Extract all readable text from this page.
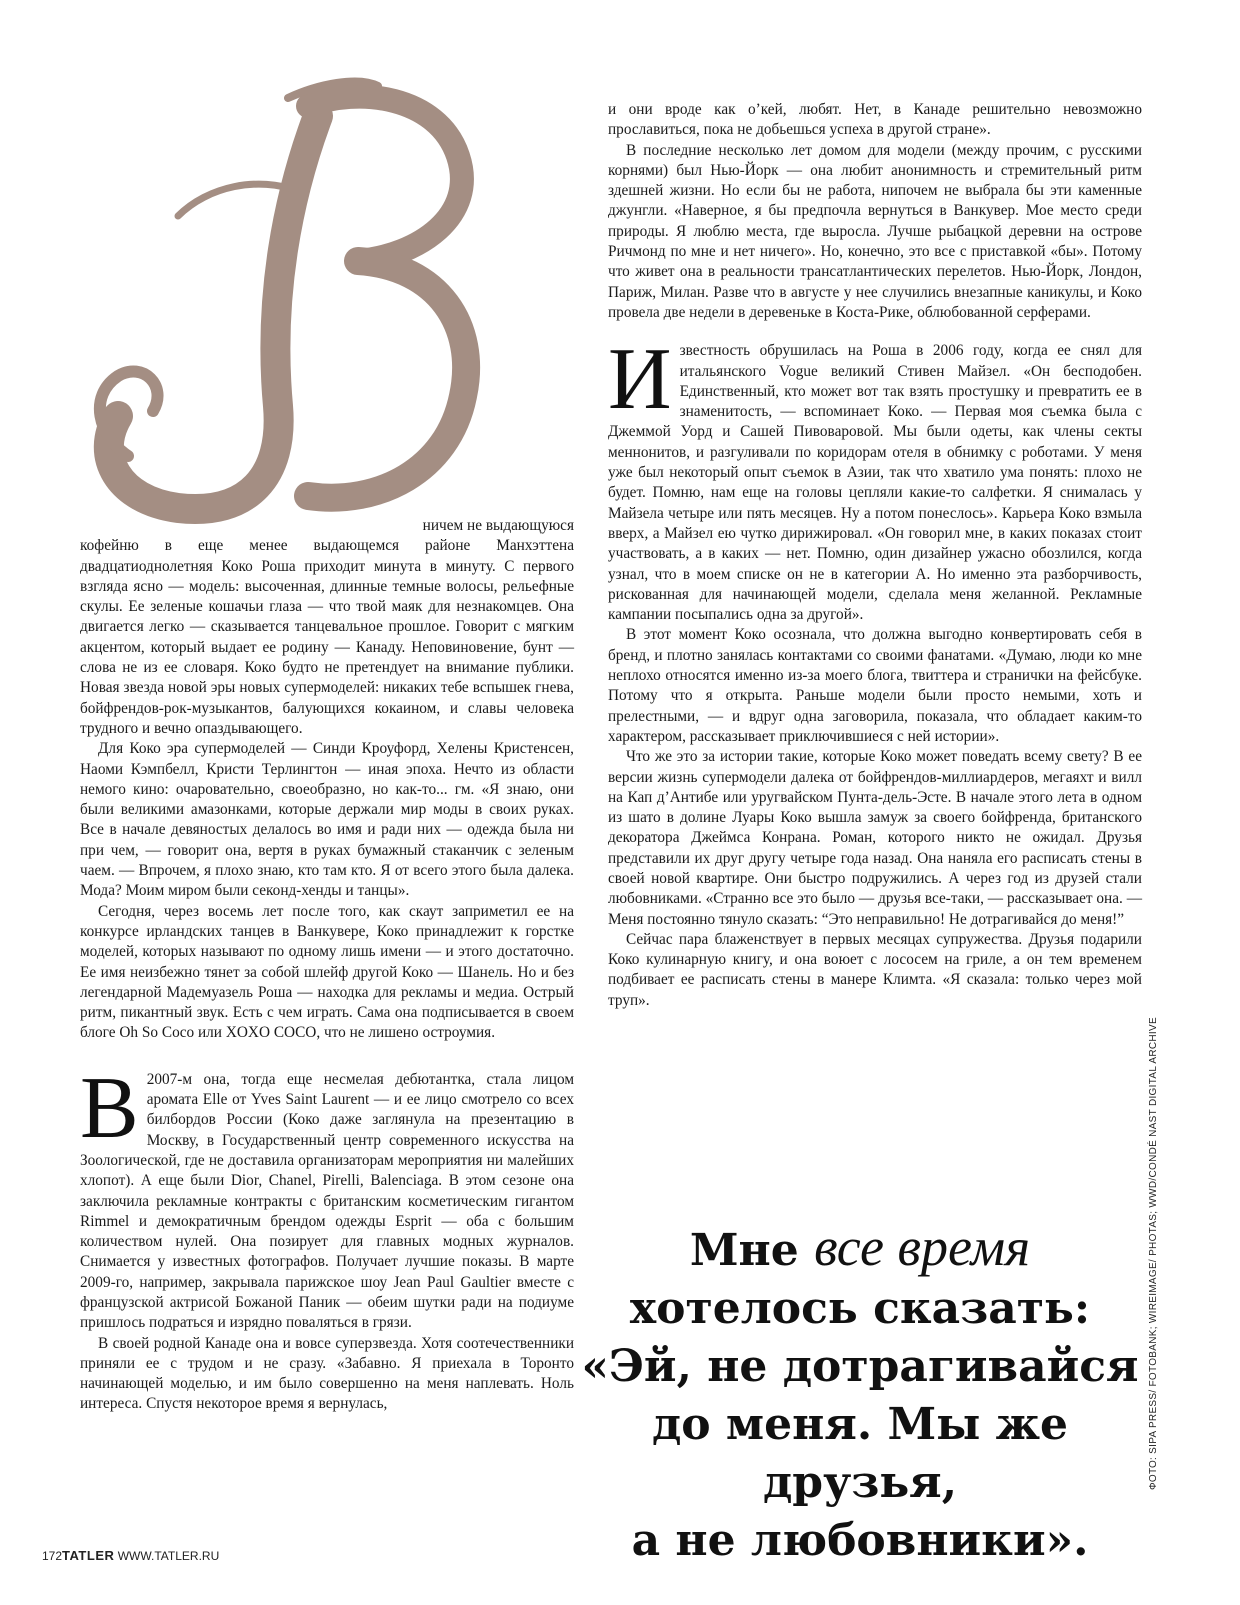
ничем не выдающуюся

кофейню в еще менее выдающемся районе Манхэттена двадцатиоднолетняя Коко Роша приходит минута в минуту. С первого взгляда ясно — модель: высоченная, длинные темные волосы, рельефные скулы. Ее зеленые кошачьи глаза — что твой маяк для незнакомцев. Она двигается легко — сказывается танцевальное прошлое. Говорит с мягким акцентом, который выдает ее родину — Канаду. Неповиновение, бунт — слова не из ее словаря. Коко будто не претендует на внимание публики. Новая звезда новой эры новых супермоделей: никаких тебе вспышек гнева, бойфрендов-рок-музыкантов, балующихся кокаином, и славы человека трудного и вечно опаздывающего.

Для Коко эра супермоделей — Синди Кроуфорд, Хелены Кристенсен, Наоми Кэмпбелл, Кристи Терлингтон — иная эпоха. Нечто из области немого кино: очаровательно, своеобразно, но как-то... гм. «Я знаю, они были великими амазонками, которые держали мир моды в своих руках. Все в начале девяностых делалось во имя и ради них — одежда была ни при чем, — говорит она, вертя в руках бумажный стаканчик с зеленым чаем. — Впрочем, я плохо знаю, кто там кто. Я от всего этого была далека. Мода? Моим миром были секонд-хенды и танцы».

Сегодня, через восемь лет после того, как скаут заприметил ее на конкурсе ирландских танцев в Ванкувере, Коко принадлежит к горстке моделей, которых называют по одному лишь имени — и этого достаточно. Ее имя неизбежно тянет за собой шлейф другой Коко — Шанель. Но и без легендарной Мадемуазель Роша — находка для рекламы и медиа. Острый ритм, пикантный звук. Есть с чем играть. Сама она подписывается в своем блоге Oh So Coco или XOXO COCO, что не лишено остроумия.

В 2007-м она, тогда еще несмелая дебютантка, стала лицом аромата Elle от Yves Saint Laurent — и ее лицо смотрело со всех билбордов России (Коко даже заглянула на презентацию в Москву, в Государственный центр современного искусства на Зоологической, где не доставила организаторам мероприятия ни малейших хлопот). А еще были Dior, Chanel, Pirelli, Balenciaga. В этом сезоне она заключила рекламные контракты с британским косметическим гигантом Rimmel и демократичным брендом одежды Esprit — оба с большим количеством нулей. Она позирует для главных модных журналов. Снимается у известных фотографов. Получает лучшие показы. В марте 2009-го, например, закрывала парижское шоу Jean Paul Gaultier вместе с французской актрисой Божаной Паник — обеим шутки ради на подиуме пришлось подраться и изрядно поваляться в грязи.

В своей родной Канаде она и вовсе суперзвезда. Хотя соотечественники приняли ее с трудом и не сразу. «Забавно. Я приехала в Торонто начинающей моделью, и им было совершенно на меня наплевать. Ноль интереса. Спустя некоторое время я вернулась,

и они вроде как о’кей, любят. Нет, в Канаде решительно невозможно прославиться, пока не добьешься успеха в другой стране».

В последние несколько лет домом для модели (между прочим, с русскими корнями) был Нью-Йорк — она любит анонимность и стремительный ритм здешней жизни. Но если бы не работа, нипочем не выбрала бы эти каменные джунгли. «Наверное, я бы предпочла вернуться в Ванкувер. Мое место среди природы. Я люблю места, где выросла. Лучше рыбацкой деревни на острове Ричмонд по мне и нет ничего». Но, конечно, это все с приставкой «бы». Потому что живет она в реальности трансатлантических перелетов. Нью-Йорк, Лондон, Париж, Милан. Разве что в августе у нее случились внезапные каникулы, и Коко провела две недели в деревеньке в Коста-Рике, облюбованной серферами.

Известность обрушилась на Роша в 2006 году, когда ее снял для итальянского Vogue великий Стивен Майзел. «Он бесподобен. Единственный, кто может вот так взять простушку и превратить ее в знаменитость, — вспоминает Коко. — Первая моя съемка была с Джеммой Уорд и Сашей Пивоваровой. Мы были одеты, как члены секты меннонитов, и разгуливали по коридорам отеля в обнимку с роботами. У меня уже был некоторый опыт съемок в Азии, так что хватило ума понять: плохо не будет. Помню, нам еще на головы цепляли какие-то салфетки. Я снималась у Майзела четыре или пять месяцев. Ну а потом понеслось». Карьера Коко взмыла вверх, а Майзел ею чутко дирижировал. «Он говорил мне, в каких показах стоит участвовать, а в каких — нет. Помню, один дизайнер ужасно обозлился, когда узнал, что в моем списке он не в категории А. Но именно эта разборчивость, рискованная для начинающей модели, сделала меня желанной. Рекламные кампании посыпались одна за другой».

В этот момент Коко осознала, что должна выгодно конвертировать себя в бренд, и плотно занялась контактами со своими фанатами. «Думаю, люди ко мне неплохо относятся именно из-за моего блога, твиттера и странички на фейсбуке. Потому что я открыта. Раньше модели были просто немыми, хоть и прелестными, — и вдруг одна заговорила, показала, что обладает каким-то характером, рассказывает приключившиеся с ней истории».

Что же это за истории такие, которые Коко может поведать всему свету? В ее версии жизнь супермодели далека от бойфрендов-миллиардеров, мегаяхт и вилл на Кап д’Антибе или уругвайском Пунта-дель-Эсте. В начале этого лета в одном из шато в долине Луары Коко вышла замуж за своего бойфренда, британского декоратора Джеймса Конрана. Роман, которого никто не ожидал. Друзья представили их друг другу четыре года назад. Она наняла его расписать стены в своей новой квартире. Они быстро подружились. А через год из друзей стали любовниками. «Странно все это было — друзья все-таки, — рассказывает она. — Меня постоянно тянуло сказать: “Это неправильно! Не дотрагивайся до меня!”

Сейчас пара блаженствует в первых месяцах супружества. Друзья подарили Коко кулинарную книгу, и она воюет с лососем на гриле, а он тем временем подбивает ее расписать стены в манере Климта. «Я сказала: только через мой труп».

Мне все время
хотелось сказать:
«Эй, не дотрагивайся
до меня. Мы же друзья,
а не любовники».
ФОТО: SIPA PRESS/ FOTOBANK; WIREIMAGE/ PHOTAS; WWD/CONDÉ NAST DIGITAL ARCHIVE
172TATLER WWW.TATLER.RU
